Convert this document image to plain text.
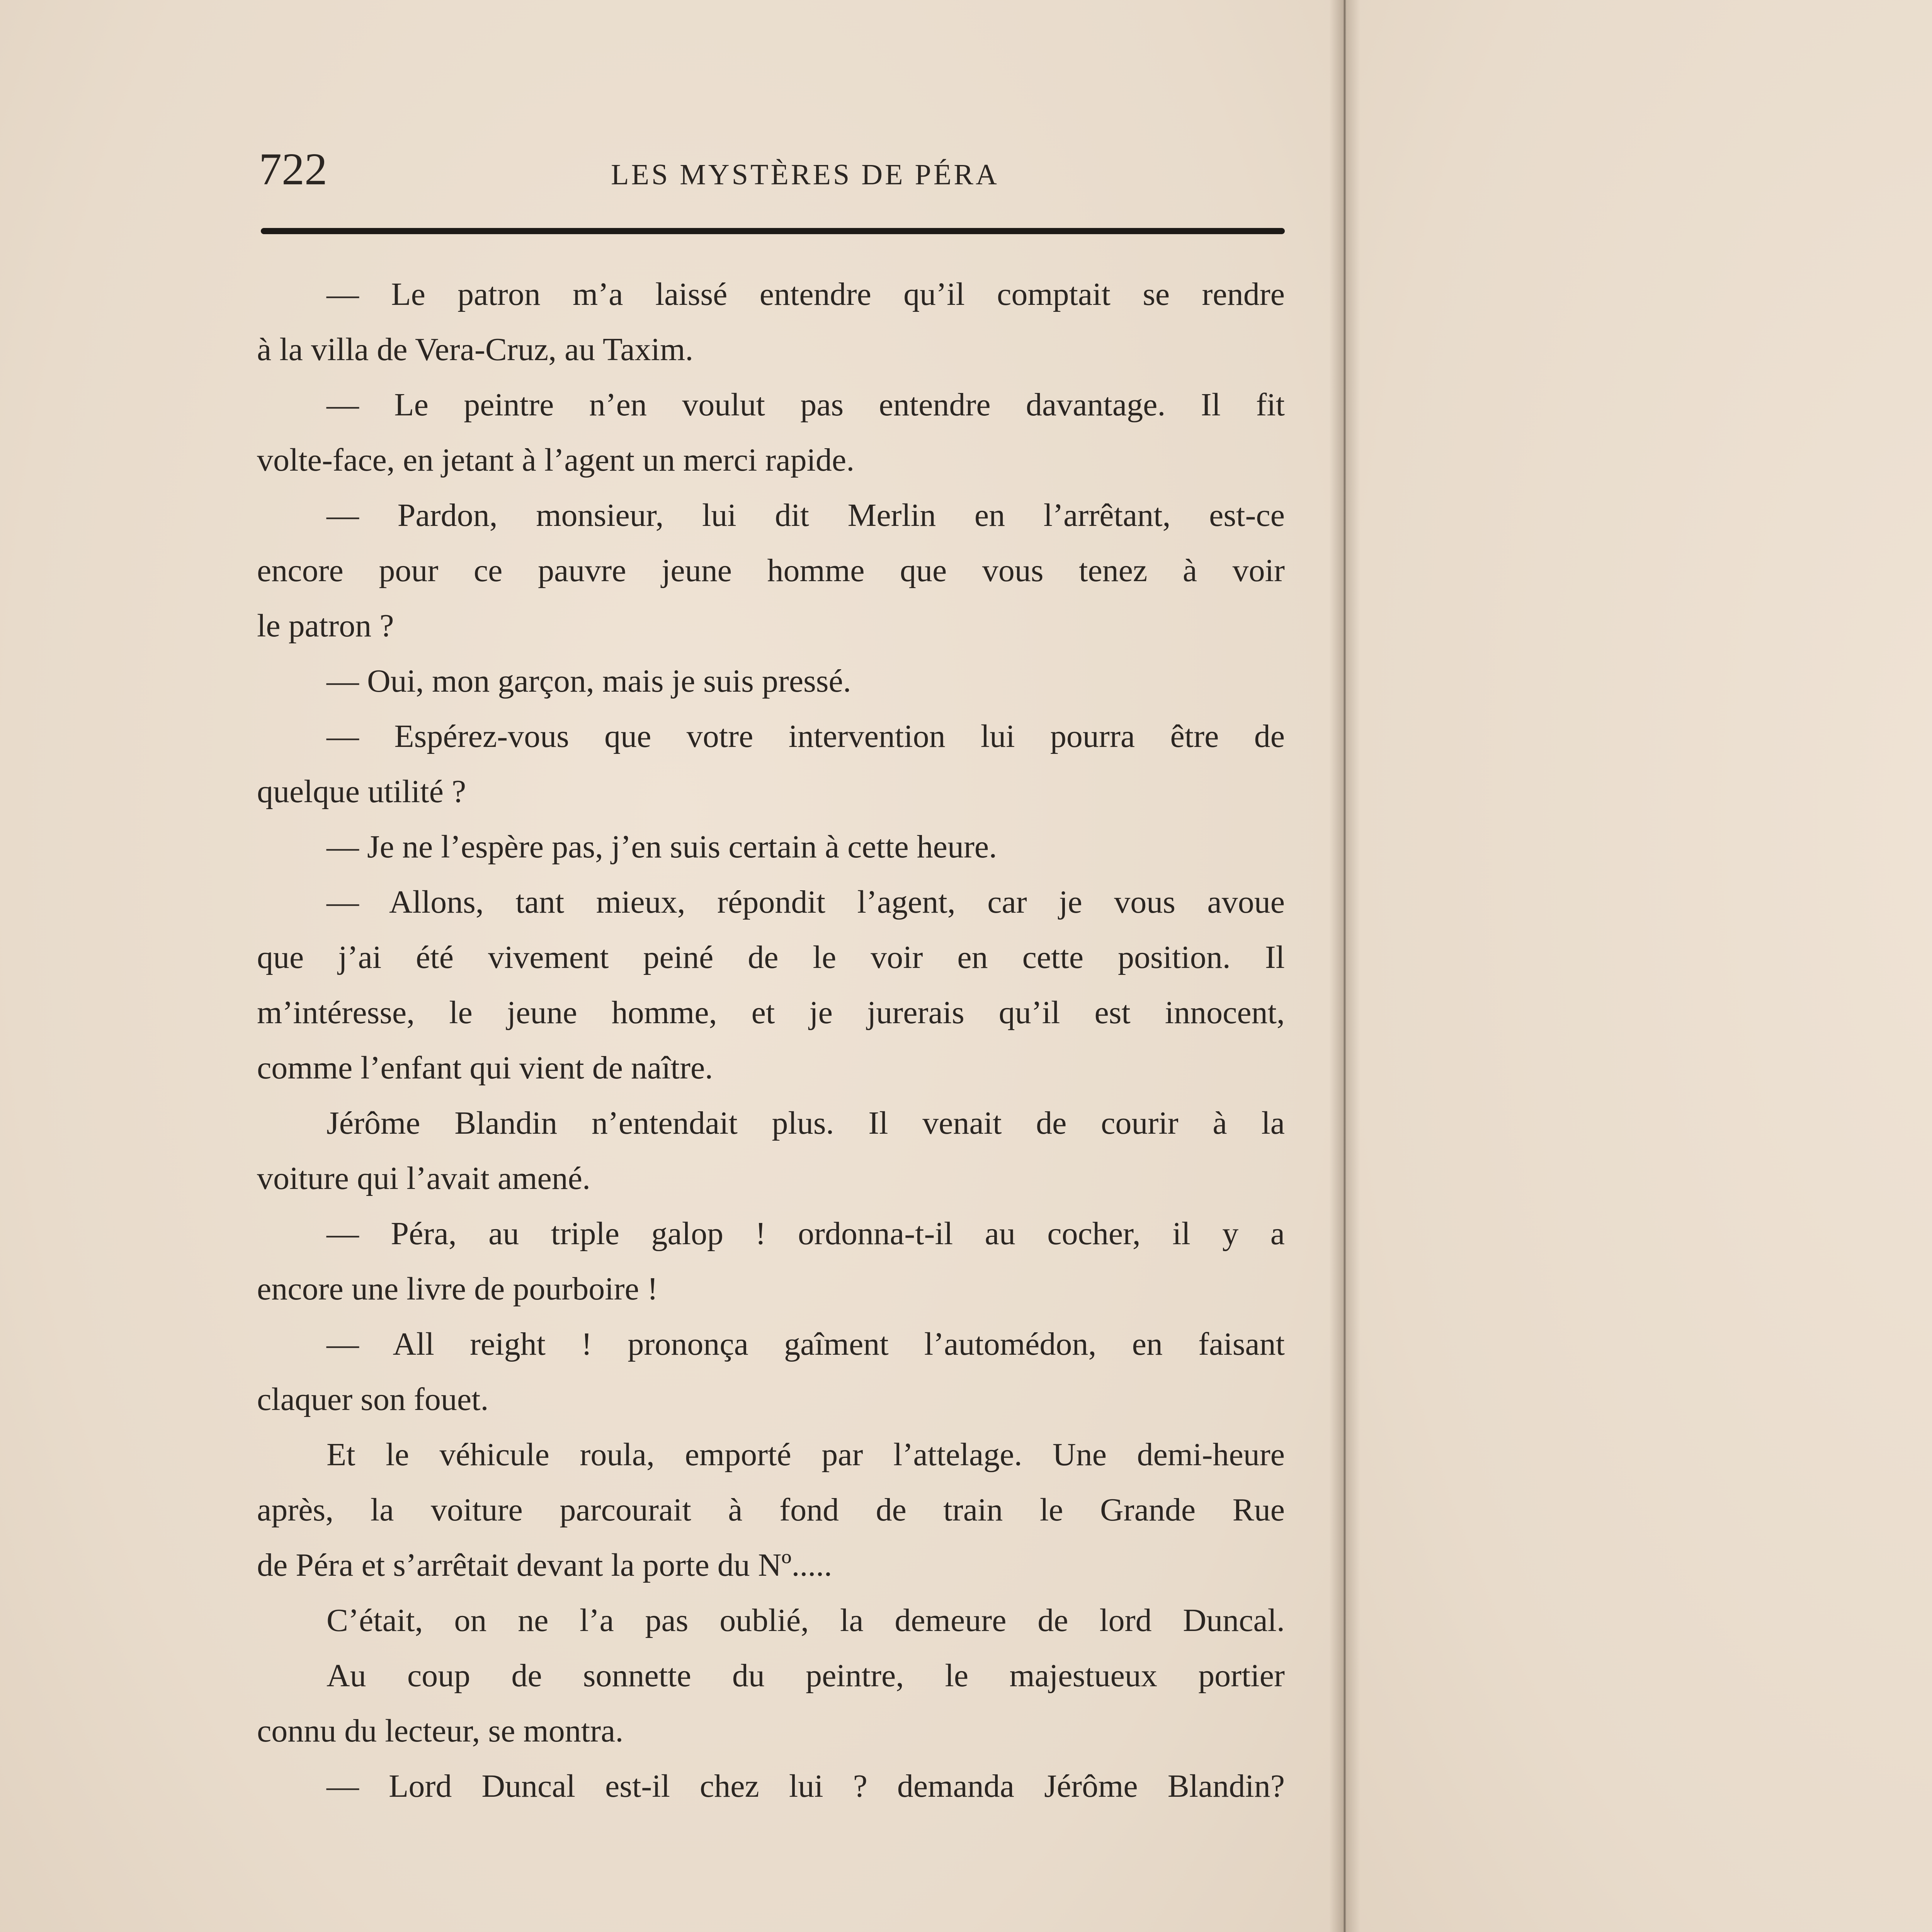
722	LES MYSTÈRES DE PÉRA
— Le patron m’a laissé entendre qu’il comptait se rendre
à la villa de Vera-Cruz, au Taxim.
— Le peintre n’en voulut pas entendre davantage. Il fit
volte-face, en jetant à l’agent un merci rapide.
— Pardon, monsieur, lui dit Merlin en l’arrêtant, est-ce
encore pour ce pauvre jeune homme que vous tenez à voir
le patron ?
— Oui, mon garçon, mais je suis pressé.
— Espérez-vous que votre intervention lui pourra être de
quelque utilité ?
— Je ne l’espère pas, j’en suis certain à cette heure.
— Allons, tant mieux, répondit l’agent, car je vous avoue
que j’ai été vivement peiné de le voir en cette position. Il
m’intéresse, le jeune homme, et je jurerais qu’il est innocent,
comme l’enfant qui vient de naître.
Jérôme Blandin n’entendait plus. Il venait de courir à la
voiture qui l’avait amené.
— Péra, au triple galop ! ordonna-t-il au cocher, il y a
encore une livre de pourboire !
— All reight ! prononça gaîment l’automédon, en faisant
claquer son fouet.
Et le véhicule roula, emporté par l’attelage. Une demi-heure
après, la voiture parcourait à fond de train le Grande Rue
de Péra et s’arrêtait devant la porte du Nº.....
C’était, on ne l’a pas oublié, la demeure de lord Duncal.
Au coup de sonnette du peintre, le majestueux portier
connu du lecteur, se montra.
— Lord Duncal est-il chez lui ? demanda Jérôme Blandin?
